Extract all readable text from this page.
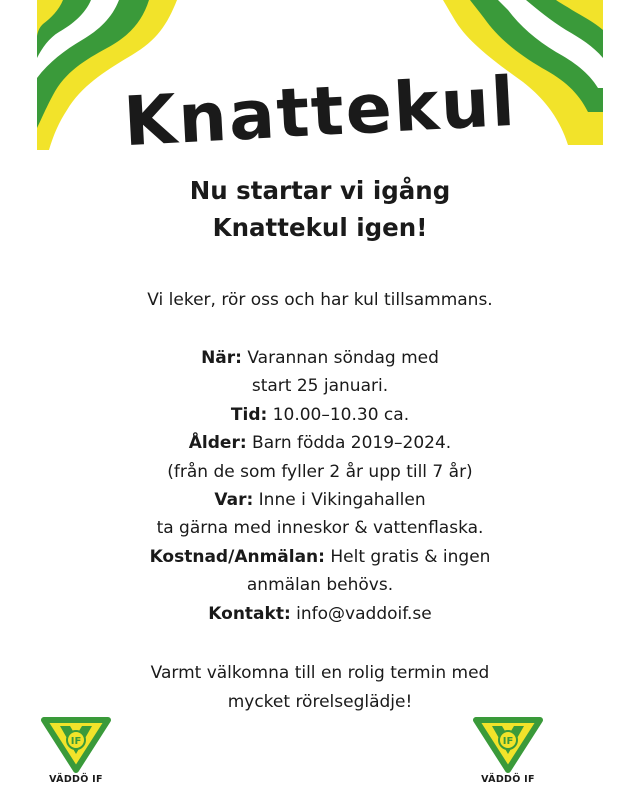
Knattekul
Nu startar vi igång
Knattekul igen!
Vi leker, rör oss och har kul tillsammans.
När: Varannan söndag med
start 25 januari.
Tid: 10.00–10.30 ca.
Ålder: Barn födda 2019–2024.
(från de som fyller 2 år upp till 7 år)
Var: Inne i Vikingahallen
ta gärna med inneskor & vattenflaska.
Kostnad/Anmälan: Helt gratis & ingen
anmälan behövs.
Kontakt: info@vaddoif.se
Varmt välkomna till en rolig termin med
mycket rörelseglädje!
IF
VÄDDÖ IF
IF
VÄDDÖ IF
